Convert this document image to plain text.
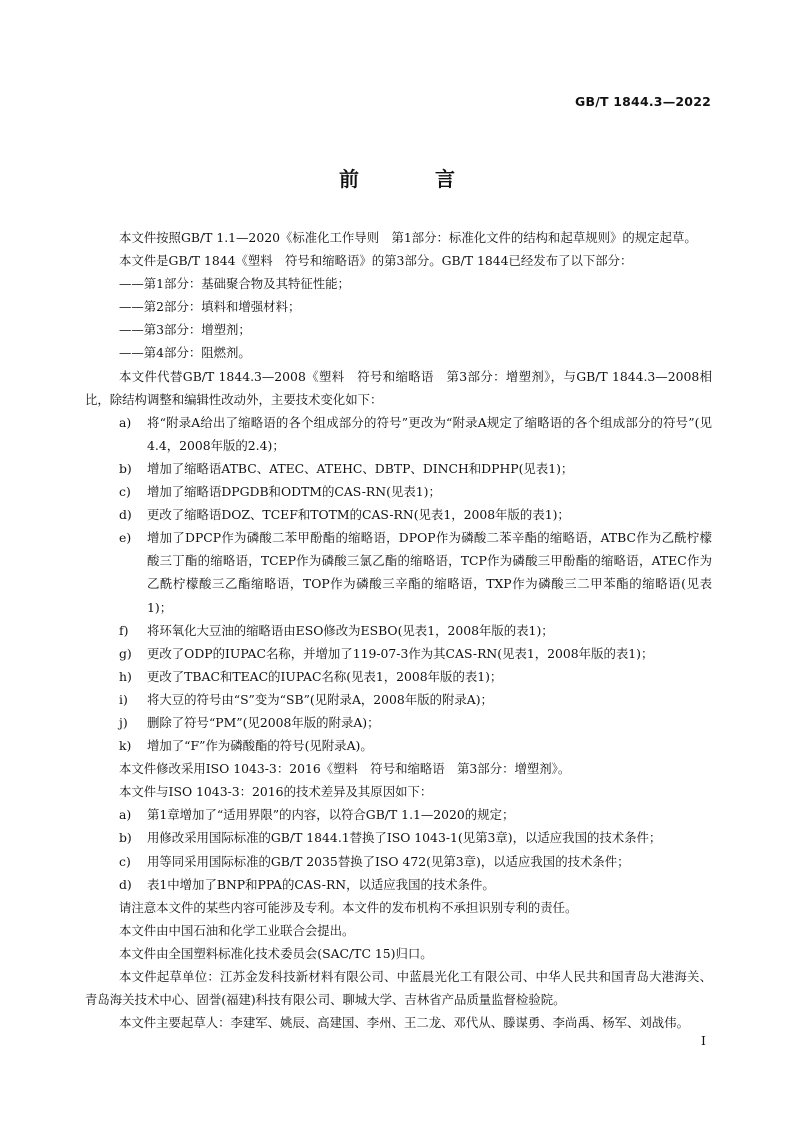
GB/T 1844.3—2022
前　言

本文件按照GB/T 1.1—2020《标准化工作导则　第1部分：标准化文件的结构和起草规则》的规定起草。

本文件是GB/T 1844《塑料　符号和缩略语》的第3部分。GB/T 1844已经发布了以下部分：

——第1部分：基础聚合物及其特征性能；
——第2部分：填料和增强材料；
——第3部分：增塑剂；
——第4部分：阻燃剂。

本文件代替GB/T 1844.3—2008《塑料　符号和缩略语　第3部分：增塑剂》，与GB/T 1844.3—2008相比，除结构调整和编辑性改动外，主要技术变化如下：

a)	将“附录A给出了缩略语的各个组成部分的符号”更改为“附录A规定了缩略语的各个组成部分的符号”(见4.4，2008年版的2.4)；
b)	增加了缩略语ATBC、ATEC、ATEHC、DBTP、DINCH和DPHP(见表1)；
c)	增加了缩略语DPGDB和ODTM的CAS-RN(见表1)；
d)	更改了缩略语DOZ、TCEF和TOTM的CAS-RN(见表1，2008年版的表1)；
e)	增加了DPCP作为磷酸二苯甲酚酯的缩略语，DPOP作为磷酸二苯辛酯的缩略语，ATBC作为乙酰柠檬酸三丁酯的缩略语，TCEP作为磷酸三氯乙酯的缩略语，TCP作为磷酸三甲酚酯的缩略语，ATEC作为乙酰柠檬酸三乙酯缩略语，TOP作为磷酸三辛酯的缩略语，TXP作为磷酸三二甲苯酯的缩略语(见表1)；
f)	将环氧化大豆油的缩略语由ESO修改为ESBO(见表1，2008年版的表1)；
g)	更改了ODP的IUPAC名称，并增加了119-07-3作为其CAS-RN(见表1，2008年版的表1)；
h)	更改了TBAC和TEAC的IUPAC名称(见表1，2008年版的表1)；
i)	将大豆的符号由“S”变为“SB”(见附录A，2008年版的附录A)；
j)	删除了符号“PM”(见2008年版的附录A)；
k)	增加了“F”作为磷酸酯的符号(见附录A)。

本文件修改采用ISO 1043-3：2016《塑料　符号和缩略语　第3部分：增塑剂》。

本文件与ISO 1043-3：2016的技术差异及其原因如下：

a)	第1章增加了“适用界限”的内容，以符合GB/T 1.1—2020的规定；
b)	用修改采用国际标准的GB/T 1844.1替换了ISO 1043-1(见第3章)，以适应我国的技术条件；
c)	用等同采用国际标准的GB/T 2035替换了ISO 472(见第3章)，以适应我国的技术条件；
d)	表1中增加了BNP和PPA的CAS-RN，以适应我国的技术条件。

请注意本文件的某些内容可能涉及专利。本文件的发布机构不承担识别专利的责任。

本文件由中国石油和化学工业联合会提出。

本文件由全国塑料标准化技术委员会(SAC/TC 15)归口。

本文件起草单位：江苏金发科技新材料有限公司、中蓝晨光化工有限公司、中华人民共和国青岛大港海关、青岛海关技术中心、固誉(福建)科技有限公司、聊城大学、吉林省产品质量监督检验院。

本文件主要起草人：李建军、姚辰、高建国、李州、王二龙、邓代从、滕谋勇、李尚禹、杨军、刘战伟。

I
